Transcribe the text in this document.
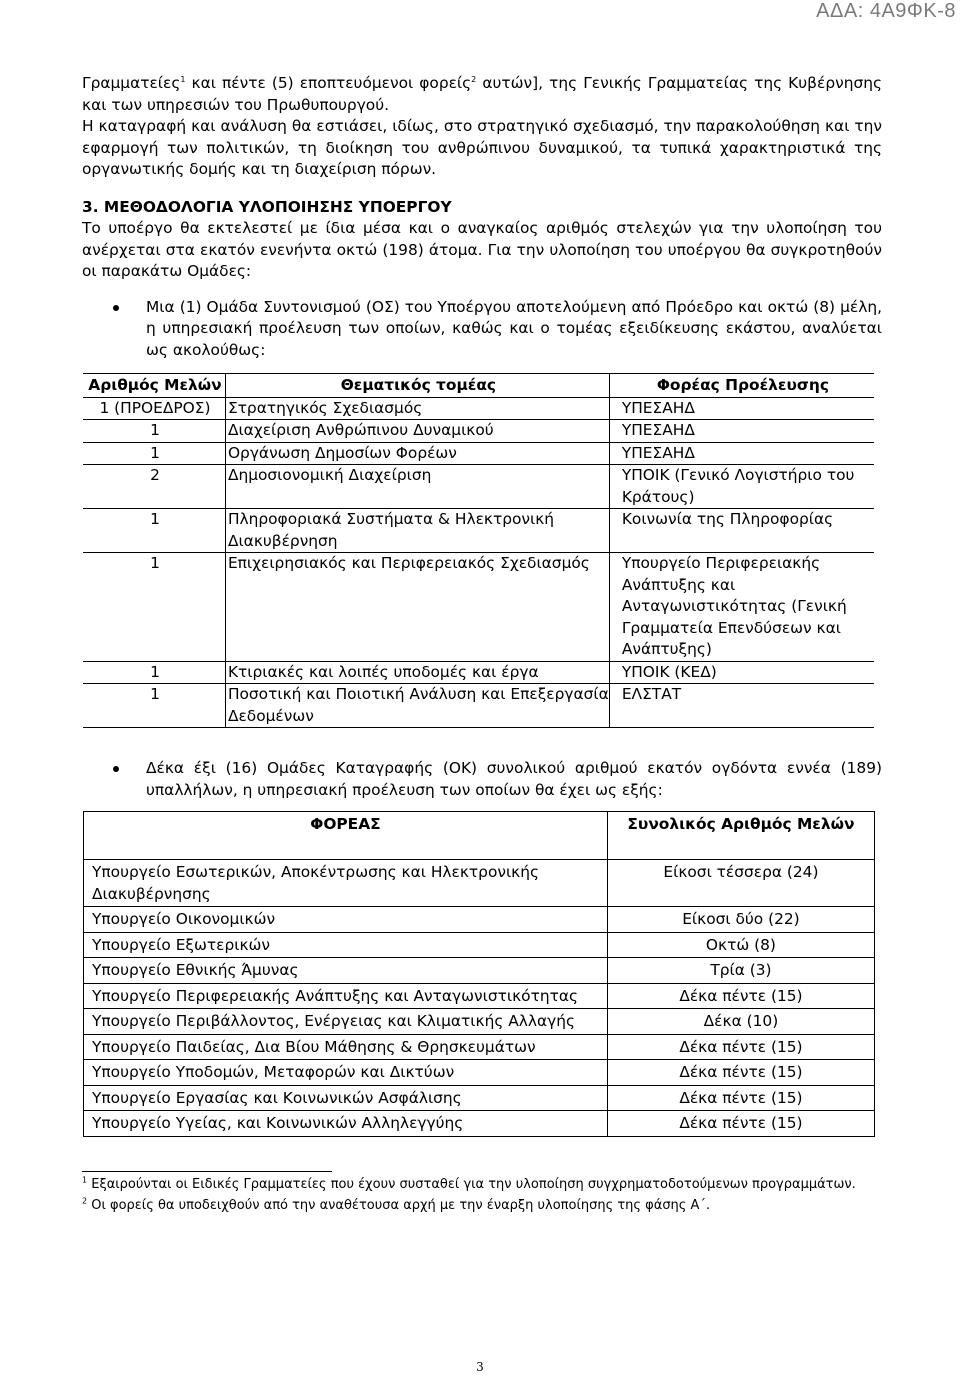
ΑΔΑ: 4Α9ΦΚ-8

Γραμματείες$^1$ και πέντε (5) εποπτευόμενοι φορείς$^2$ αυτών], της Γενικής Γραμματείας της Κυβέρνησης και των υπηρεσιών του Πρωθυπουργού.

Η καταγραφή και ανάλυση θα εστιάσει, ιδίως, στο στρατηγικό σχεδιασμό, την παρακολούθηση και την εφαρμογή των πολιτικών, τη διοίκηση του ανθρώπινου δυναμικού, τα τυπικά χαρακτηριστικά της οργανωτικής δομής και τη διαχείριση πόρων.

3. ΜΕΘΟΔΟΛΟΓΙΑ ΥΛΟΠΟΙΗΣΗΣ ΥΠΟΕΡΓΟΥ

Το υποέργο θα εκτελεστεί με ίδια μέσα και ο αναγκαίος αριθμός στελεχών για την υλοποίηση του ανέρχεται στα εκατόν ενενήντα οκτώ (198) άτομα. Για την υλοποίηση του υποέργου θα συγκροτηθούν οι παρακάτω Ομάδες:

Μια (1) Ομάδα Συντονισμού (ΟΣ) του Υποέργου αποτελούμενη από Πρόεδρο και οκτώ (8) μέλη, η υπηρεσιακή προέλευση των οποίων, καθώς και ο τομέας εξειδίκευσης εκάστου, αναλύεται ως ακολούθως:

Αριθμός Μελών	Θεματικός τομέας	Φορέας Προέλευσης
1 (ΠΡΟΕΔΡΟΣ)	Στρατηγικός Σχεδιασμός	ΥΠΕΣΑΗΔ
1	Διαχείριση Ανθρώπινου Δυναμικού	ΥΠΕΣΑΗΔ
1	Οργάνωση Δημοσίων Φορέων	ΥΠΕΣΑΗΔ
2	Δημοσιονομική Διαχείριση	ΥΠΟΙΚ (Γενικό Λογιστήριο του Κράτους)
1	Πληροφοριακά Συστήματα & Ηλεκτρονική Διακυβέρνηση	Κοινωνία της Πληροφορίας
1	Επιχειρησιακός και Περιφερειακός Σχεδιασμός	Υπουργείο Περιφερειακής Ανάπτυξης και Ανταγωνιστικότητας (Γενική Γραμματεία Επενδύσεων και Ανάπτυξης)
1	Κτιριακές και λοιπές υποδομές και έργα	ΥΠΟΙΚ (ΚΕΔ)
1	Ποσοτική και Ποιοτική Ανάλυση και Επεξεργασία Δεδομένων	ΕΛΣΤΑΤ

Δέκα έξι (16) Ομάδες Καταγραφής (ΟΚ) συνολικού αριθμού εκατόν ογδόντα εννέα (189) υπαλλήλων, η υπηρεσιακή προέλευση των οποίων θα έχει ως εξής:

ΦΟΡΕΑΣ	Συνολικός Αριθμός Μελών
Υπουργείο Εσωτερικών, Αποκέντρωσης και Ηλεκτρονικής Διακυβέρνησης	Είκοσι τέσσερα (24)
Υπουργείο Οικονομικών	Είκοσι δύο (22)
Υπουργείο Εξωτερικών	Οκτώ (8)
Υπουργείο Εθνικής Άμυνας	Τρία (3)
Υπουργείο Περιφερειακής Ανάπτυξης και Ανταγωνιστικότητας	Δέκα πέντε (15)
Υπουργείο Περιβάλλοντος, Ενέργειας και Κλιματικής Αλλαγής	Δέκα (10)
Υπουργείο Παιδείας, Δια Βίου Μάθησης & Θρησκευμάτων	Δέκα πέντε (15)
Υπουργείο Υποδομών, Μεταφορών και Δικτύων	Δέκα πέντε (15)
Υπουργείο Εργασίας και Κοινωνικών Ασφάλισης	Δέκα πέντε (15)
Υπουργείο Υγείας, και Κοινωνικών Αλληλεγγύης	Δέκα πέντε (15)
$^1$ Εξαιρούνται οι Ειδικές Γραμματείες που έχουν συσταθεί για την υλοποίηση συγχρηματοδοτούμενων προγραμμάτων.
$^2$ Οι φορείς θα υποδειχθούν από την αναθέτουσα αρχή με την έναρξη υλοποίησης της φάσης Α΄.
3
